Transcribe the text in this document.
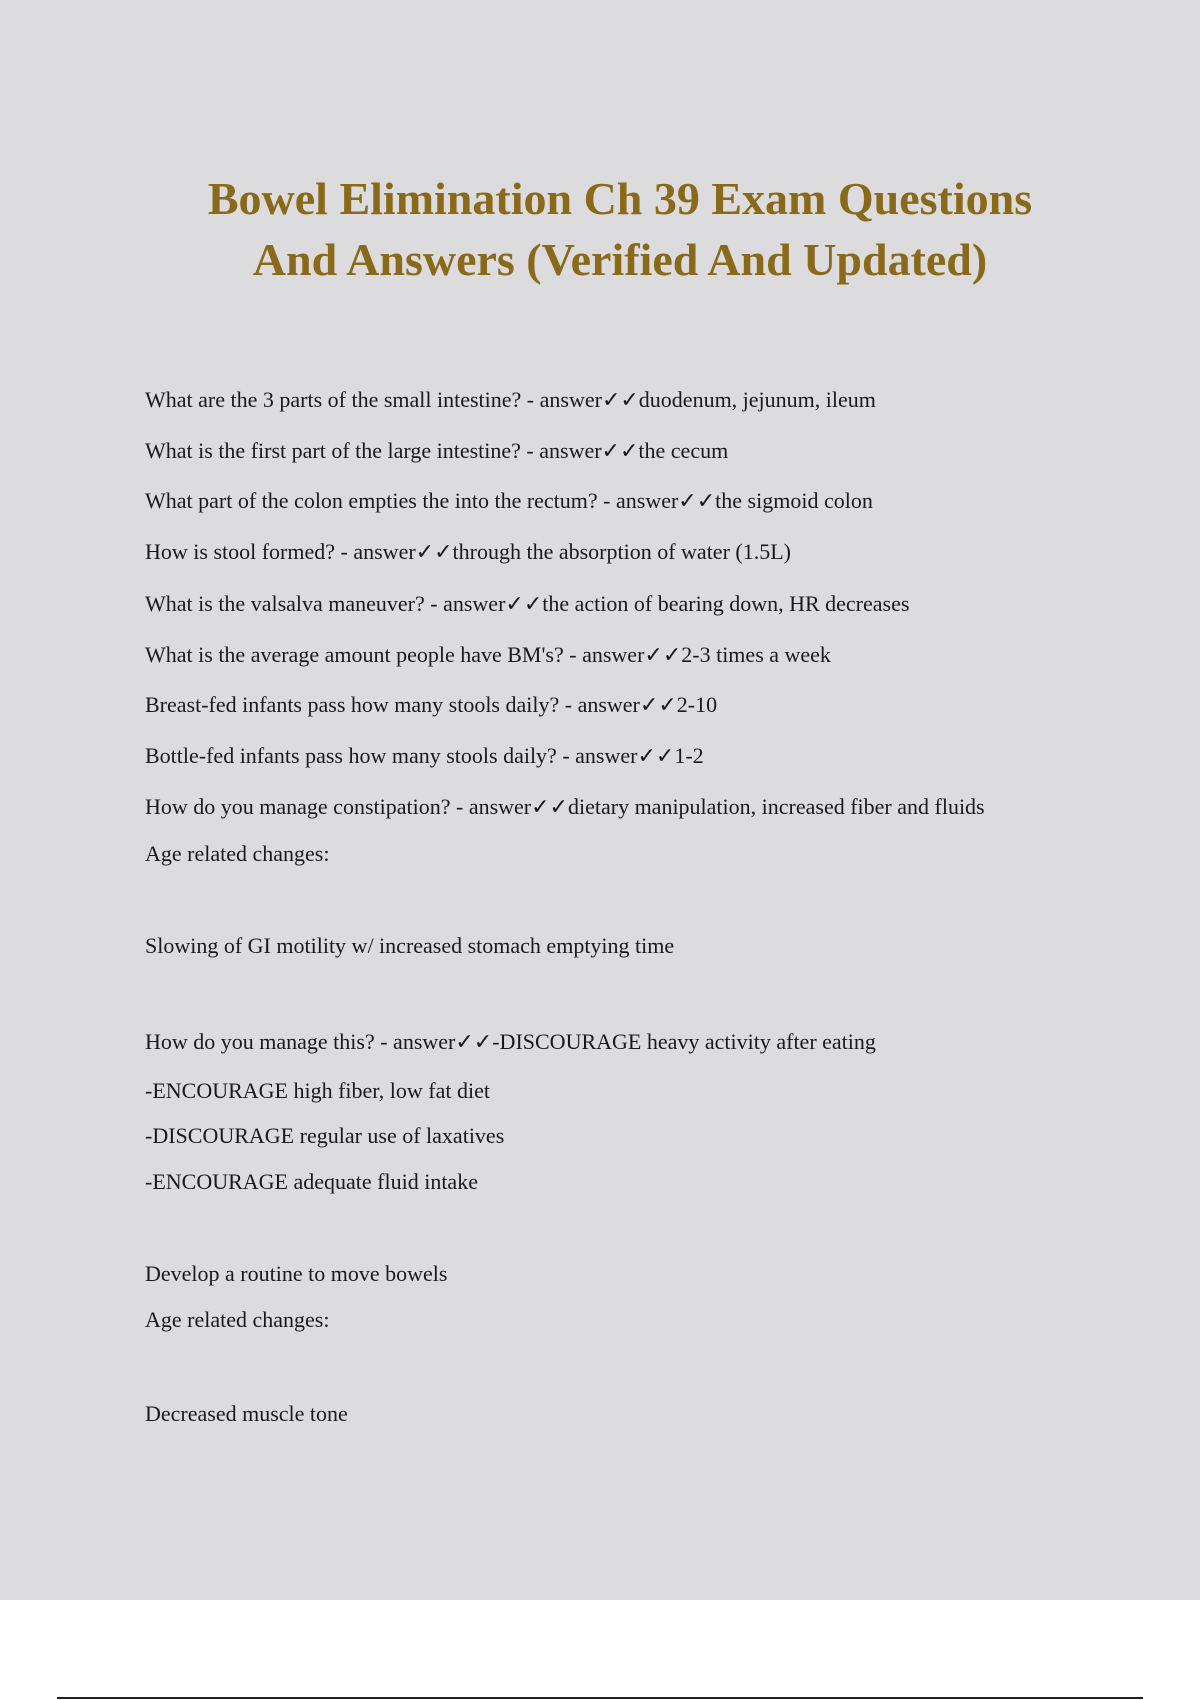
Bowel Elimination Ch 39 Exam Questions
And Answers (Verified And Updated)
What are the 3 parts of the small intestine? - answer✓✓duodenum, jejunum, ileum
What is the first part of the large intestine? - answer✓✓the cecum
What part of the colon empties the into the rectum? - answer✓✓the sigmoid colon
How is stool formed? - answer✓✓through the absorption of water (1.5L)
What is the valsalva maneuver? - answer✓✓the action of bearing down, HR decreases
What is the average amount people have BM's? - answer✓✓2-3 times a week
Breast-fed infants pass how many stools daily? - answer✓✓2-10
Bottle-fed infants pass how many stools daily? - answer✓✓1-2
How do you manage constipation? - answer✓✓dietary manipulation, increased fiber and fluids
Age related changes:
Slowing of GI motility w/ increased stomach emptying time
How do you manage this? - answer✓✓-DISCOURAGE heavy activity after eating
-ENCOURAGE high fiber, low fat diet
-DISCOURAGE regular use of laxatives
-ENCOURAGE adequate fluid intake
Develop a routine to move bowels
Age related changes:
Decreased muscle tone
